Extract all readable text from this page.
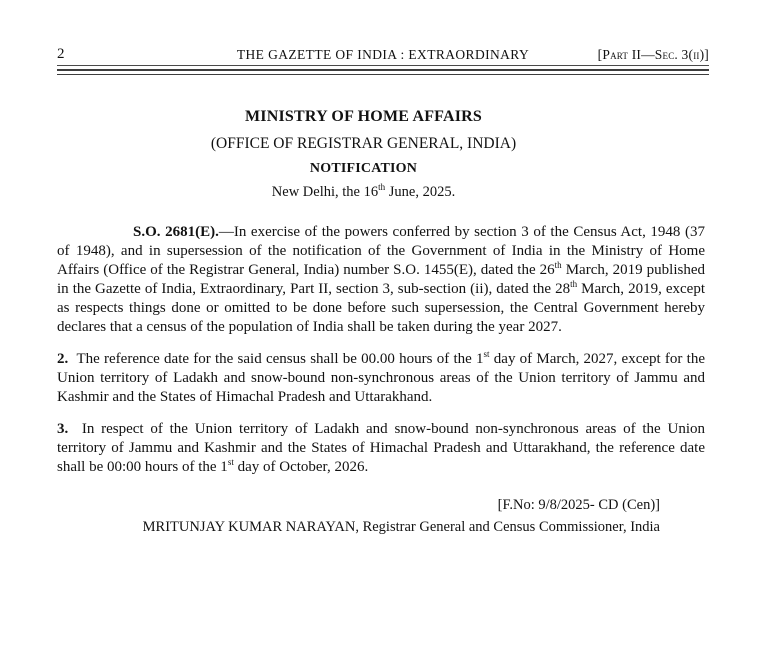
2	THE GAZETTE OF INDIA : EXTRAORDINARY	[Part II—Sec. 3(ii)]
MINISTRY OF HOME AFFAIRS
(OFFICE OF REGISTRAR GENERAL, INDIA)
NOTIFICATION

New Delhi, the 16th June, 2025.

S.O. 2681(E).—In exercise of the powers conferred by section 3 of the Census Act, 1948 (37 of 1948), and in supersession of the notification of the Government of India in the Ministry of Home Affairs (Office of the Registrar General, India) number S.O. 1455(E), dated the 26th March, 2019 published in the Gazette of India, Extraordinary, Part II, section 3, sub-section (ii), dated the 28th March, 2019, except as respects things done or omitted to be done before such supersession, the Central Government hereby declares that a census of the population of India shall be taken during the year 2027.

2.  The reference date for the said census shall be 00.00 hours of the 1st day of March, 2027, except for the Union territory of Ladakh and snow-bound non-synchronous areas of the Union territory of Jammu and Kashmir and the States of Himachal Pradesh and Uttarakhand.

3.  In respect of the Union territory of Ladakh and snow-bound non-synchronous areas of the Union territory of Jammu and Kashmir and the States of Himachal Pradesh and Uttarakhand, the reference date shall be 00:00 hours of the 1st day of October, 2026.

[F.No: 9/8/2025- CD (Cen)]

MRITUNJAY KUMAR NARAYAN, Registrar General and Census Commissioner, India
